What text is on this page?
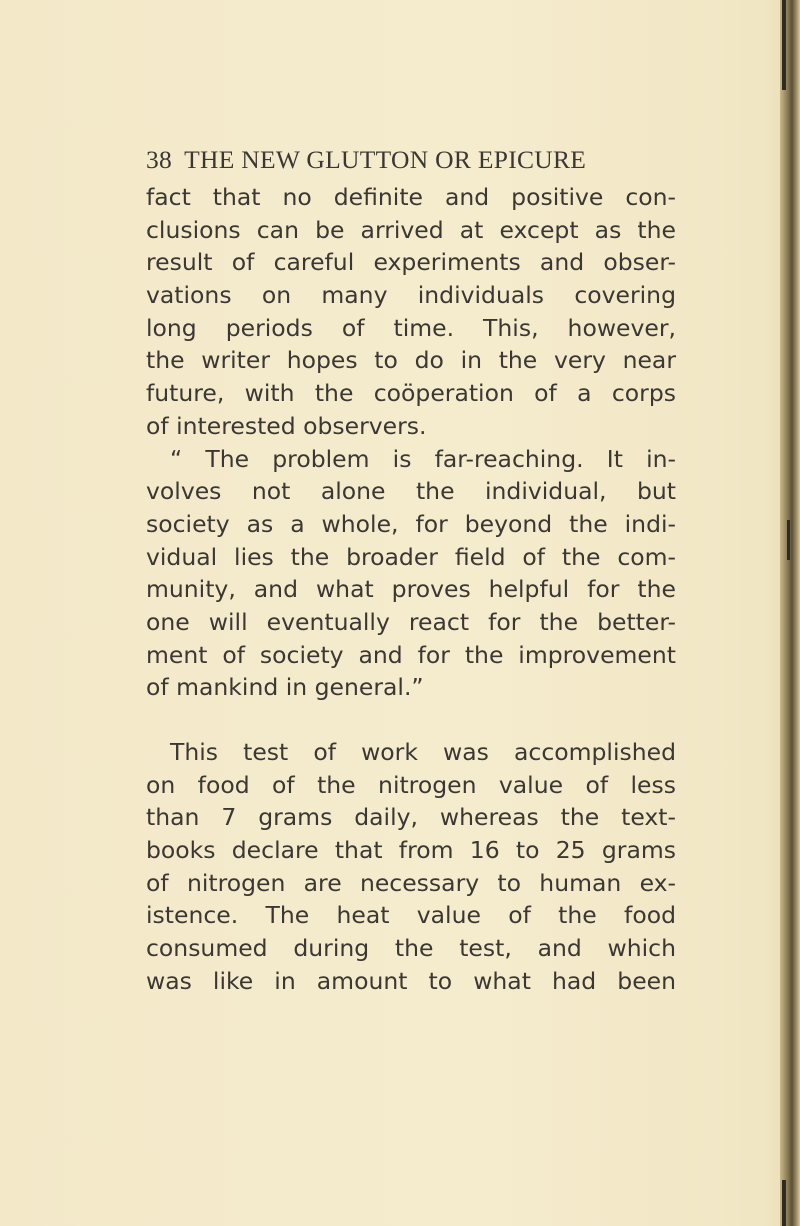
38 THE NEW GLUTTON OR EPICURE
fact that no definite and positive con-
clusions can be arrived at except as the
result of careful experiments and obser-
vations on many individuals covering
long periods of time. This, however,
the writer hopes to do in the very near
future, with the coöperation of a corps
of interested observers.
“ The problem is far-reaching. It in-
volves not alone the individual, but
society as a whole, for beyond the indi-
vidual lies the broader field of the com-
munity, and what proves helpful for the
one will eventually react for the better-
ment of society and for the improvement
of mankind in general.”
This test of work was accomplished
on food of the nitrogen value of less
than 7 grams daily, whereas the text-
books declare that from 16 to 25 grams
of nitrogen are necessary to human ex-
istence. The heat value of the food
consumed during the test, and which
was like in amount to what had been
